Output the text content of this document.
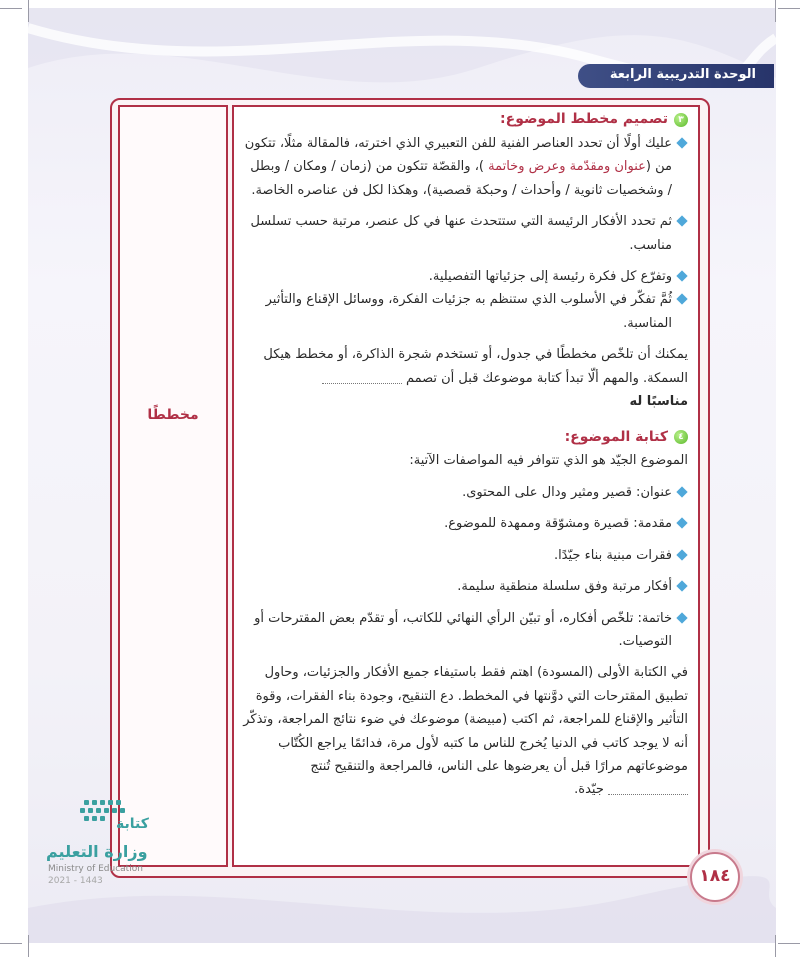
الوحدة التدريبية الرابعة
مخططًا
٣
تصميم مخطط الموضوع:

عليك أولًا أن تحدد العناصر الفنية للفن التعبيري الذي اخترته، فالمقالة مثلًا، تتكون من (عنوان ومقدّمة وعرض وخاتمة )، والقصّة تتكون من (زمان / ومكان / وبطل / وشخصيات ثانوية / وأحداث / وحبكة قصصية)، وهكذا لكل فن عناصره الخاصة.

ثم تحدد الأفكار الرئيسة التي ستتحدث عنها في كل عنصر، مرتبة حسب تسلسل مناسب.

وتفرّع كل فكرة رئيسة إلى جزئياتها التفصيلية.

ثُمَّ تفكّر في الأسلوب الذي ستنظم به جزئيات الفكرة، ووسائل الإقناع والتأثير المناسبة.

يمكنك أن تلخّص مخططًا في جدول، أو تستخدم شجرة الذاكرة، أو مخطط هيكل السمكة. والمهم ألّا تبدأ كتابة موضوعك قبل أن تصمم
مناسبًا له

٤
كتابة الموضوع:

الموضوع الجيّد هو الذي تتوافر فيه المواصفات الآتية:

عنوان: قصير ومثير ودال على المحتوى.

مقدمة: قصيرة ومشوّقة وممهدة للموضوع.

فقرات مبنية بناء جيّدًا.

أفكار مرتبة وفق سلسلة منطقية سليمة.

خاتمة: تلخّص أفكاره، أو تبيّن الرأي النهائي للكاتب، أو تقدّم بعض المقترحات أو التوصيات.

في الكتابة الأولى (المسودة) اهتم فقط باستيفاء جميع الأفكار والجزئيات، وحاول تطبيق المقترحات التي دوَّنتها في المخطط. دع التنقيح، وجودة بناء الفقرات، وقوة التأثير والإقناع للمراجعة، ثم اكتب (مبيضة) موضوعك في ضوء نتائج المراجعة، وتذكّر أنه لا يوجد كاتب في الدنيا يُخرج للناس ما كتبه لأول مرة، فدائمًا يراجع الكُتّاب موضوعاتهم مرارًا قبل أن يعرضوها على الناس، فالمراجعة والتنقيح تُنتج جيّدة.

١٨٤
كتابة
وزارة التعليم
Ministry of Education
2021 - 1443
